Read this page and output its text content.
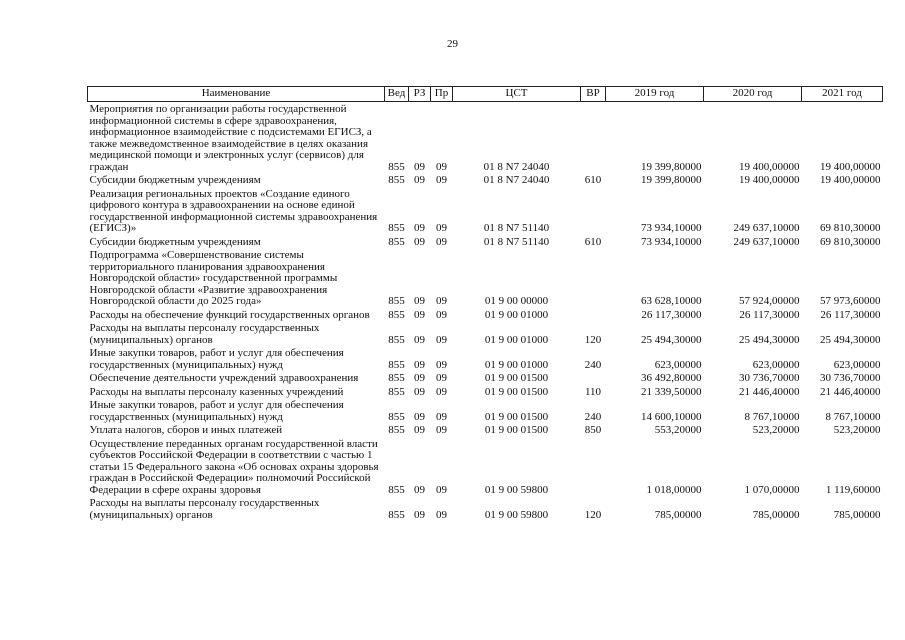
29
Наименование	Вед	РЗ	Пр	ЦСТ	ВР	2019 год	2020 год	2021 год
Мероприятия по организации работы государственной информационной системы в сфере здравоохранения, информационное взаимодействие с подсистемами ЕГИСЗ, а также межведомственное взаимодействие в целях оказания медицинской помощи и электронных услуг (сервисов) для граждан	855	09	09	01 8 N7 24040		19 399,80000	19 400,00000	19 400,00000
Субсидии бюджетным учреждениям	855	09	09	01 8 N7 24040	610	19 399,80000	19 400,00000	19 400,00000
Реализация региональных проектов «Создание единого цифрового контура в здравоохранении на основе единой государственной информационной системы здравоохранения (ЕГИСЗ)»	855	09	09	01 8 N7 51140		73 934,10000	249 637,10000	69 810,30000
Субсидии бюджетным учреждениям	855	09	09	01 8 N7 51140	610	73 934,10000	249 637,10000	69 810,30000
Подпрограмма «Совершенствование системы территориального планирования здравоохранения Новгородской области» государственной программы Новгородской области «Развитие здравоохранения Новгородской области до 2025 года»	855	09	09	01 9 00 00000		63 628,10000	57 924,00000	57 973,60000
Расходы на обеспечение функций государственных органов	855	09	09	01 9 00 01000		26 117,30000	26 117,30000	26 117,30000
Расходы на выплаты персоналу государственных (муниципальных) органов	855	09	09	01 9 00 01000	120	25 494,30000	25 494,30000	25 494,30000
Иные закупки товаров, работ и услуг для обеспечения государственных (муниципальных) нужд	855	09	09	01 9 00 01000	240	623,00000	623,00000	623,00000
Обеспечение деятельности учреждений здравоохранения	855	09	09	01 9 00 01500		36 492,80000	30 736,70000	30 736,70000
Расходы на выплаты персоналу казенных учреждений	855	09	09	01 9 00 01500	110	21 339,50000	21 446,40000	21 446,40000
Иные закупки товаров, работ и услуг для обеспечения государственных (муниципальных) нужд	855	09	09	01 9 00 01500	240	14 600,10000	8 767,10000	8 767,10000
Уплата налогов, сборов и иных платежей	855	09	09	01 9 00 01500	850	553,20000	523,20000	523,20000
Осуществление переданных органам государственной власти субъектов Российской Федерации в соответствии с частью 1 статьи 15 Федерального закона «Об основах охраны здоровья граждан в Российской Федерации» полномочий Российской Федерации в сфере охраны здоровья	855	09	09	01 9 00 59800		1 018,00000	1 070,00000	1 119,60000
Расходы на выплаты персоналу государственных (муниципальных) органов	855	09	09	01 9 00 59800	120	785,00000	785,00000	785,00000
